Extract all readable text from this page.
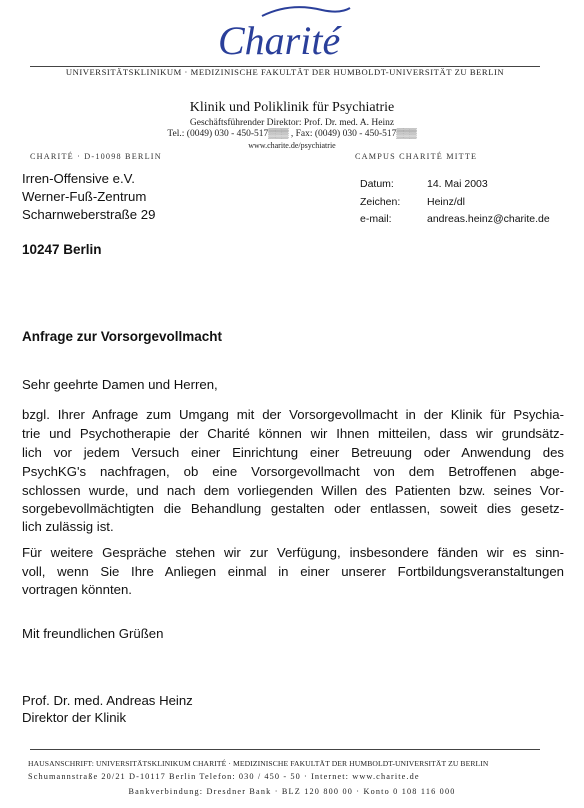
Charité
UNIVERSITÄTSKLINIKUM · MEDIZINISCHE FAKULTÄT DER HUMBOLDT-UNIVERSITÄT ZU BERLIN
Klinik und Poliklinik für Psychiatrie
Geschäftsführender Direktor: Prof. Dr. med. A. Heinz
Tel.: (0049) 030 - 450-517▒▒▒ , Fax: (0049) 030 - 450-517▒▒▒
www.charite.de/psychiatrie
CHARITÉ · D-10098 BERLIN	CAMPUS CHARITÉ MITTE
Irren-Offensive e.V.
Werner-Fuß-Zentrum
Scharnweberstraße 29
10247 Berlin
Datum:	14. Mai 2003
Zeichen:	Heinz/dl
e-mail:	andreas.heinz@charite.de
Anfrage zur Vorsorgevollmacht
Sehr geehrte Damen und Herren,
bzgl. Ihrer Anfrage zum Umgang mit der Vorsorgevollmacht in der Klinik für Psychia-
trie und Psychotherapie der Charité können wir Ihnen mitteilen, dass wir grundsätz-
lich vor jedem Versuch einer Einrichtung einer Betreuung oder Anwendung des
PsychKG's nachfragen, ob eine Vorsorgevollmacht von dem Betroffenen abge-
schlossen wurde, und nach dem vorliegenden Willen des Patienten bzw. seines Vor-
sorgebevollmächtigten die Behandlung gestalten oder entlassen, soweit dies gesetz-
lich zulässig ist.
Für weitere Gespräche stehen wir zur Verfügung, insbesondere fänden wir es sinn-
voll, wenn Sie Ihre Anliegen einmal in einer unserer Fortbildungsveranstaltungen
vortragen könnten.
Mit freundlichen Grüßen
Prof. Dr. med. Andreas Heinz
Direktor der Klinik
HAUSANSCHRIFT: UNIVERSITÄTSKLINIKUM CHARITÉ · MEDIZINISCHE FAKULTÄT DER HUMBOLDT-UNIVERSITÄT ZU BERLIN
Schumannstraße 20/21 D-10117 Berlin Telefon: 030 / 450 - 50 · Internet: www.charite.de
Bankverbindung: Dresdner Bank · BLZ 120 800 00 · Konto 0 108 116 000
